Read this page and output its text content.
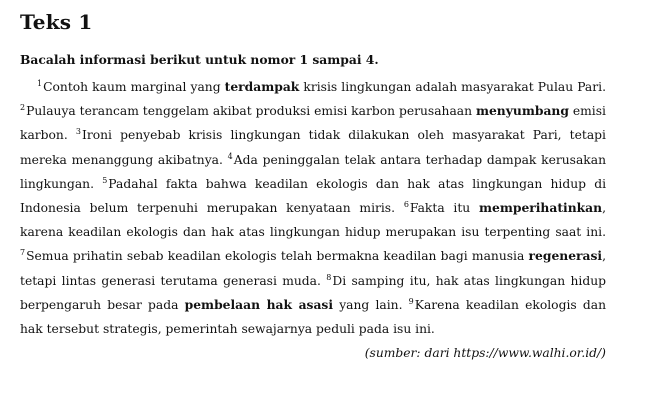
Teks 1

Bacalah informasi berikut untuk nomor 1 sampai 4.

$^1$Contoh kaum marginal yang terdampak krisis lingkungan adalah masyarakat Pulau Pari. $^2$Pulauya terancam tenggelam akibat produksi emisi karbon perusahaan menyumbang emisi karbon. $^3$Ironi penyebab krisis lingkungan tidak dilakukan oleh masyarakat Pari, tetapi mereka menanggung akibatnya. $^4$Ada peninggalan telak antara terhadap dampak kerusakan lingkungan. $^5$Padahal fakta bahwa keadilan ekologis dan hak atas lingkungan hidup di Indonesia belum terpenuhi merupakan kenyataan miris. $^6$Fakta itu memperihatinkan, karena keadilan ekologis dan hak atas lingkungan hidup merupakan isu terpenting saat ini. $^7$Semua prihatin sebab keadilan ekologis telah bermakna keadilan bagi manusia regenerasi, tetapi lintas generasi terutama generasi muda. $^8$Di samping itu, hak atas lingkungan hidup berpengaruh besar pada pembelaan hak asasi yang lain. $^9$Karena keadilan ekologis dan hak tersebut strategis, pemerintah sewajarnya peduli pada isu ini.

(sumber: dari https://www.walhi.or.id/)
